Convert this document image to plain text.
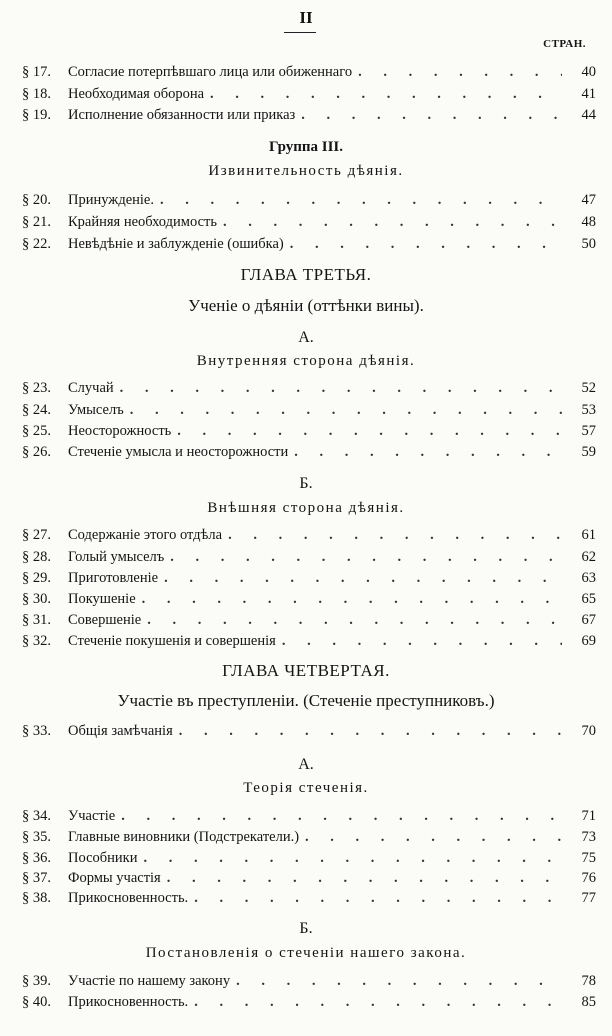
II
СТРАН.
§ 17.	Согласие потерпѣвшаго лица или обиженнаго . . .	40
§ 18.	Необходимая оборона . . .	41
§ 19.	Исполнение обязанности или приказ . . .	44
Группа III.
Извинительность дѣянія.
§ 20.	Принужденіе. . . .	47
§ 21.	Крайняя необходимость . . .	48
§ 22.	Невѣдѣніе и заблужденіе (ошибка) . . .	50
ГЛАВА ТРЕТЬЯ.
Ученіе о дѣяніи (оттѣнки вины).
А.
Внутренняя сторона дѣянія.
§ 23.	Случай . . .	52
§ 24.	Умыселъ . . .	53
§ 25.	Неосторожность . . .	57
§ 26.	Стеченіе умысла и неосторожности . . .	59
Б.
Внѣшняя сторона дѣянія.
§ 27.	Содержаніе этого отдѣла . . .	61
§ 28.	Голый умыселъ . . .	62
§ 29.	Приготовленіе . . .	63
§ 30.	Покушеніе . . .	65
§ 31.	Совершеніе . . .	67
§ 32.	Стеченіе покушенія и совершенія . . .	69
ГЛАВА ЧЕТВЕРТАЯ.
Участіе въ преступленіи. (Стеченіе преступниковъ.)
§ 33.	Общія замѣчанія . . .	70
А.
Теорія стеченія.
§ 34.	Участіе . . .	71
§ 35.	Главные виновники (Подстрекатели.) . . .	73
§ 36.	Пособники . . .	75
§ 37.	Формы участія . . .	76
§ 38.	Прикосновенность. . . .	77
Б.
Постановленія о стеченіи нашего закона.
§ 39.	Участіе по нашему закону . . .	78
§ 40.	Прикосновенность. . . .	85
